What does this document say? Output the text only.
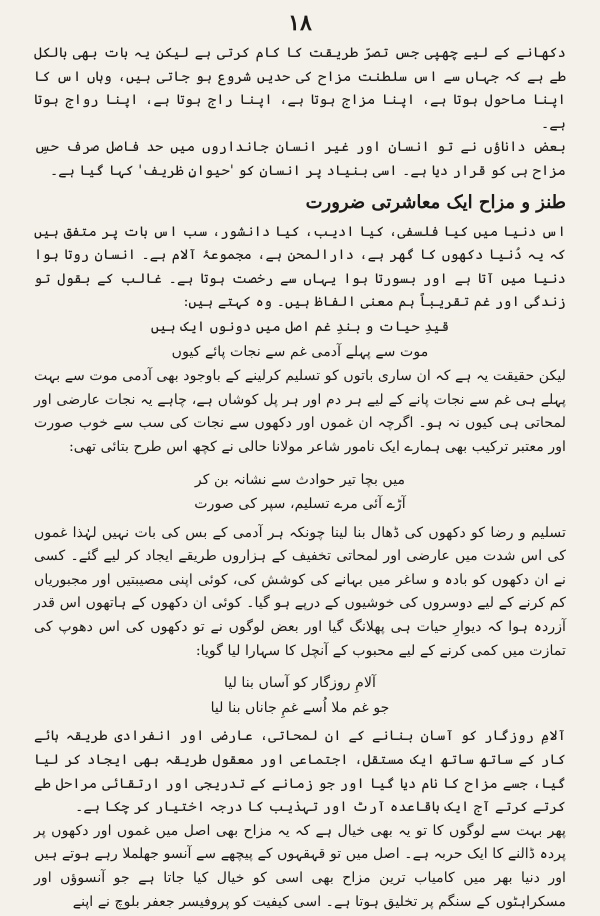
۱۸

دکھانے کے لیے چھپی جس تصرّ طریقت کا کام کرتی ہے لیکن یہ بات بھی بالکل طے ہے کہ جہاں سے اس سلطنت مزاح کی حدیں شروع ہو جاتی ہیں، وہاں اس کا اپنا ماحول ہوتا ہے، اپنا مزاج ہوتا ہے، اپنا راج ہوتا ہے، اپنا رواج ہوتا ہے۔

بعض داناؤں نے تو انسان اور غیر انسان جانداروں میں حد فاصل صرف حسِ مزاح ہی کو قرار دیا ہے۔ اسی بنیاد پر انسان کو 'حیوانِ ظریف' کہا گیا ہے۔

طنز و مزاح ایک معاشرتی ضرورت

اس دنیا میں کیا فلسفی، کیا ادیب، کیا دانشور، سب اس بات پر متفق ہیں کہ یہ دُنیا دکھوں کا گھر ہے، دارالمحن ہے، مجموعۂ آلام ہے۔ انسان روتا ہوا دنیا میں آتا ہے اور بسورتا ہوا یہاں سے رخصت ہوتا ہے۔ غالب کے بقول تو زندگی اور غم تقریباً ہم معنی الفاظ ہیں۔ وہ کہتے ہیں:

قیدِ حیات و بندِ غم اصل میں دونوں ایک ہیں
موت سے پہلے آدمی غم سے نجات پائے کیوں

لیکن حقیقت یہ ہے کہ ان ساری باتوں کو تسلیم کرلینے کے باوجود بھی آدمی موت سے بہت پہلے ہی غم سے نجات پانے کے لیے ہر دم اور ہر پل کوشاں ہے، چاہے یہ نجات عارضی اور لمحاتی ہی کیوں نہ ہو۔ اگرچہ ان غموں اور دکھوں سے نجات کی سب سے خوب صورت اور معتبر ترکیب بھی ہمارے ایک نامور شاعر مولانا حالی نے کچھ اس طرح بتائی تھی:

میں بچا تیر حوادث سے نشانہ بن کر
آڑے آئی مرے تسلیم، سپر کی صورت

تسلیم و رضا کو دکھوں کی ڈھال بنا لینا چونکہ ہر آدمی کے بس کی بات نہیں لہٰذا غموں کی اس شدت میں عارضی اور لمحاتی تخفیف کے ہزاروں طریقے ایجاد کر لیے گئے۔ کسی نے ان دکھوں کو بادہ و ساغر میں بہانے کی کوشش کی، کوئی اپنی مصیبتیں اور مجبوریاں کم کرنے کے لیے دوسروں کی خوشیوں کے درپے ہو گیا۔ کوئی ان دکھوں کے ہاتھوں اس قدر آزردہ ہوا کہ دیوارِ حیات ہی پھلانگ گیا اور بعض لوگوں نے تو دکھوں کی اس دھوپ کی تمازت میں کمی کرنے کے لیے محبوب کے آنچل کا سہارا لیا گویا:

آلامِ روزگار کو آساں بنا لیا
جو غم ملا اُسے غمِ جاناں بنا لیا

آلامِ روزگار کو آسان بنانے کے ان لمحاتی، عارضی اور انفرادی طریقہ ہائے کار کے ساتھ ساتھ ایک مستقل، اجتماعی اور معقول طریقہ بھی ایجاد کر لیا گیا، جسے مزاح کا نام دیا گیا اور جو زمانے کے تدریجی اور ارتقائی مراحل طے کرتے کرتے آج ایک باقاعدہ آرٹ اور تہذیب کا درجہ اختیار کر چکا ہے۔

پھر بہت سے لوگوں کا تو یہ بھی خیال ہے کہ یہ مزاح بھی اصل میں غموں اور دکھوں پر پردہ ڈالنے کا ایک حربہ ہے۔ اصل میں تو قہقہوں کے پیچھے سے آنسو جھلملا رہے ہوتے ہیں اور دنیا بھر میں کامیاب ترین مزاح بھی اسی کو خیال کیا جاتا ہے جو آنسوؤں اور مسکراہٹوں کے سنگم پر تخلیق ہوتا ہے۔ اسی کیفیت کو پروفیسر جعفر بلوچ نے اپنے
